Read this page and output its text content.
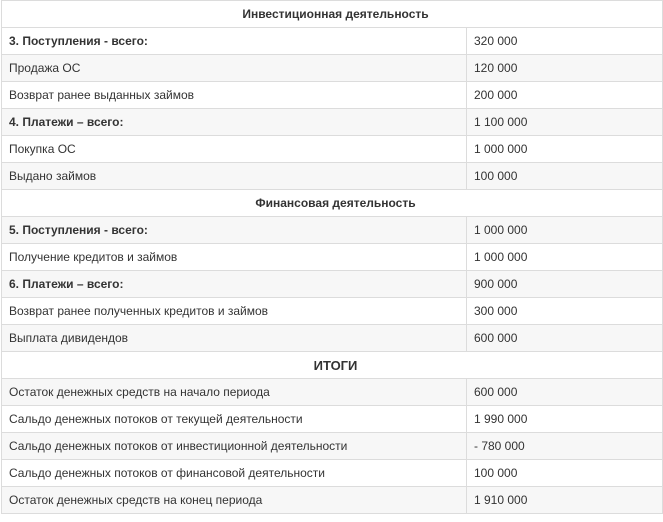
Инвестиционная деятельность	
3. Поступления - всего:	320 000
Продажа ОС	120 000
Возврат ранее выданных займов	200 000
4. Платежи – всего:	1 100 000
Покупка ОС	1 000 000
Выдано займов	100 000
Финансовая деятельность	
5. Поступления - всего:	1 000 000
Получение кредитов и займов	1 000 000
6. Платежи – всего:	900 000
Возврат ранее полученных кредитов и займов	300 000
Выплата дивидендов	600 000
ИТОГИ	
Остаток денежных средств на начало периода	600 000
Сальдо денежных потоков от текущей деятельности	1 990 000
Сальдо денежных потоков от инвестиционной деятельности	- 780 000
Сальдо денежных потоков от финансовой деятельности	100 000
Остаток денежных средств на конец периода	1 910 000
